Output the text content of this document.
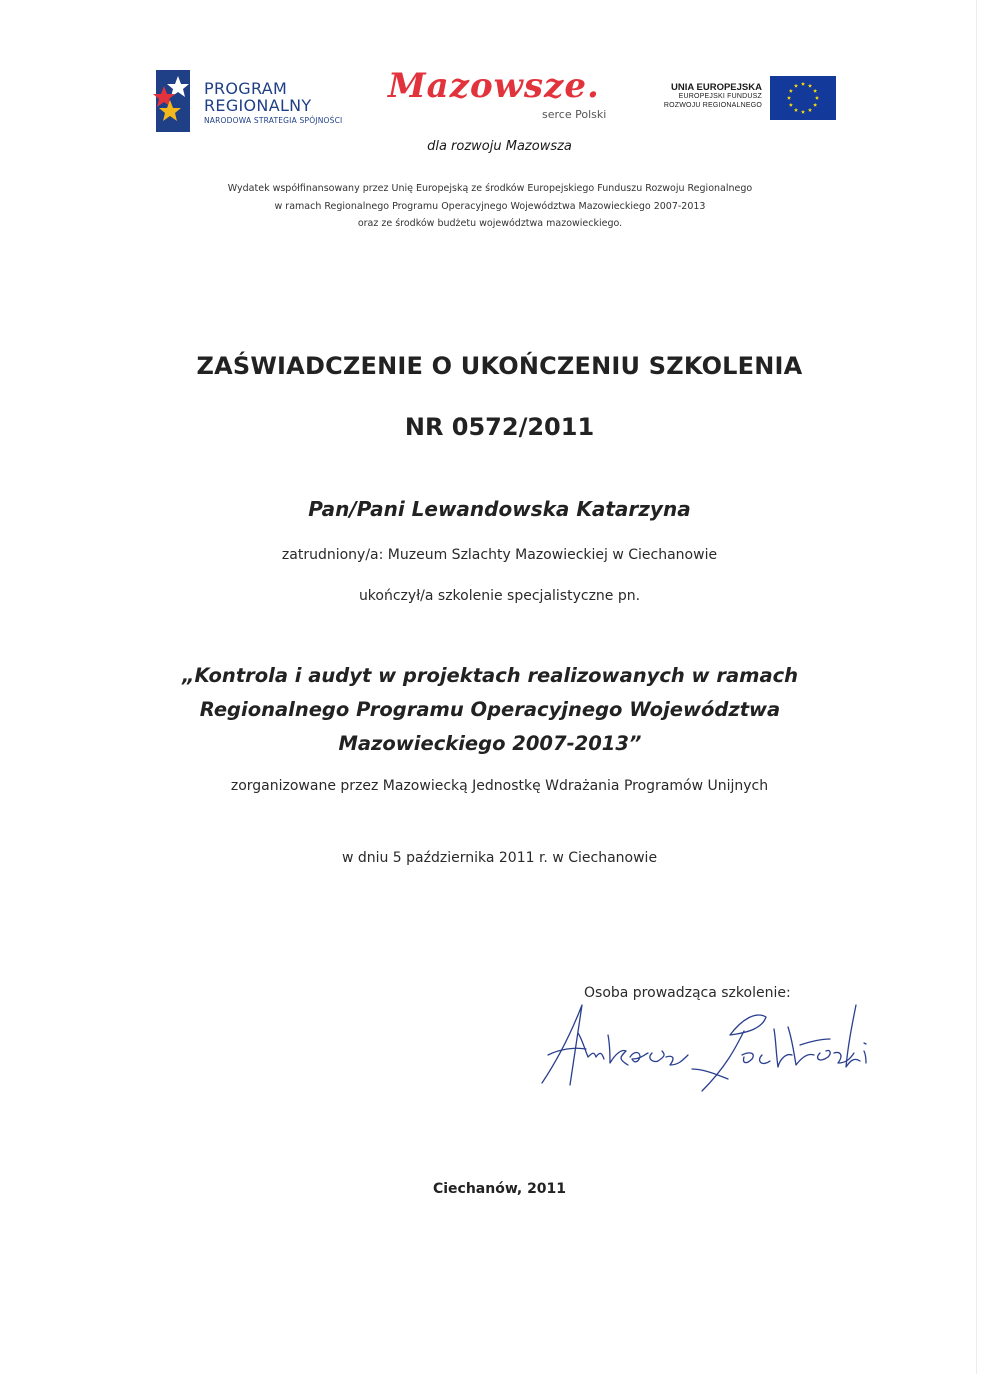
PROGRAM
REGIONALNY
NARODOWA STRATEGIA SPÓJNOŚCI
Mazowsze.
serce Polski
UNIA EUROPEJSKA
EUROPEJSKI FUNDUSZ
ROZWOJU REGIONALNEGO
dla rozwoju Mazowsza
Wydatek współfinansowany przez Unię Europejską ze środków Europejskiego Funduszu Rozwoju Regionalnego
w ramach Regionalnego Programu Operacyjnego Województwa Mazowieckiego 2007-2013
oraz ze środków budżetu województwa mazowieckiego.
ZAŚWIADCZENIE O UKOŃCZENIU SZKOLENIA
NR 0572/2011
Pan/Pani Lewandowska Katarzyna
zatrudniony/a: Muzeum Szlachty Mazowieckiej w Ciechanowie
ukończył/a szkolenie specjalistyczne pn.
„Kontrola i audyt w projektach realizowanych w ramach
Regionalnego Programu Operacyjnego Województwa
Mazowieckiego 2007-2013”
zorganizowane przez Mazowiecką Jednostkę Wdrażania Programów Unijnych
w dniu 5 października 2011 r. w Ciechanowie
Osoba prowadząca szkolenie:
Ciechanów, 2011
